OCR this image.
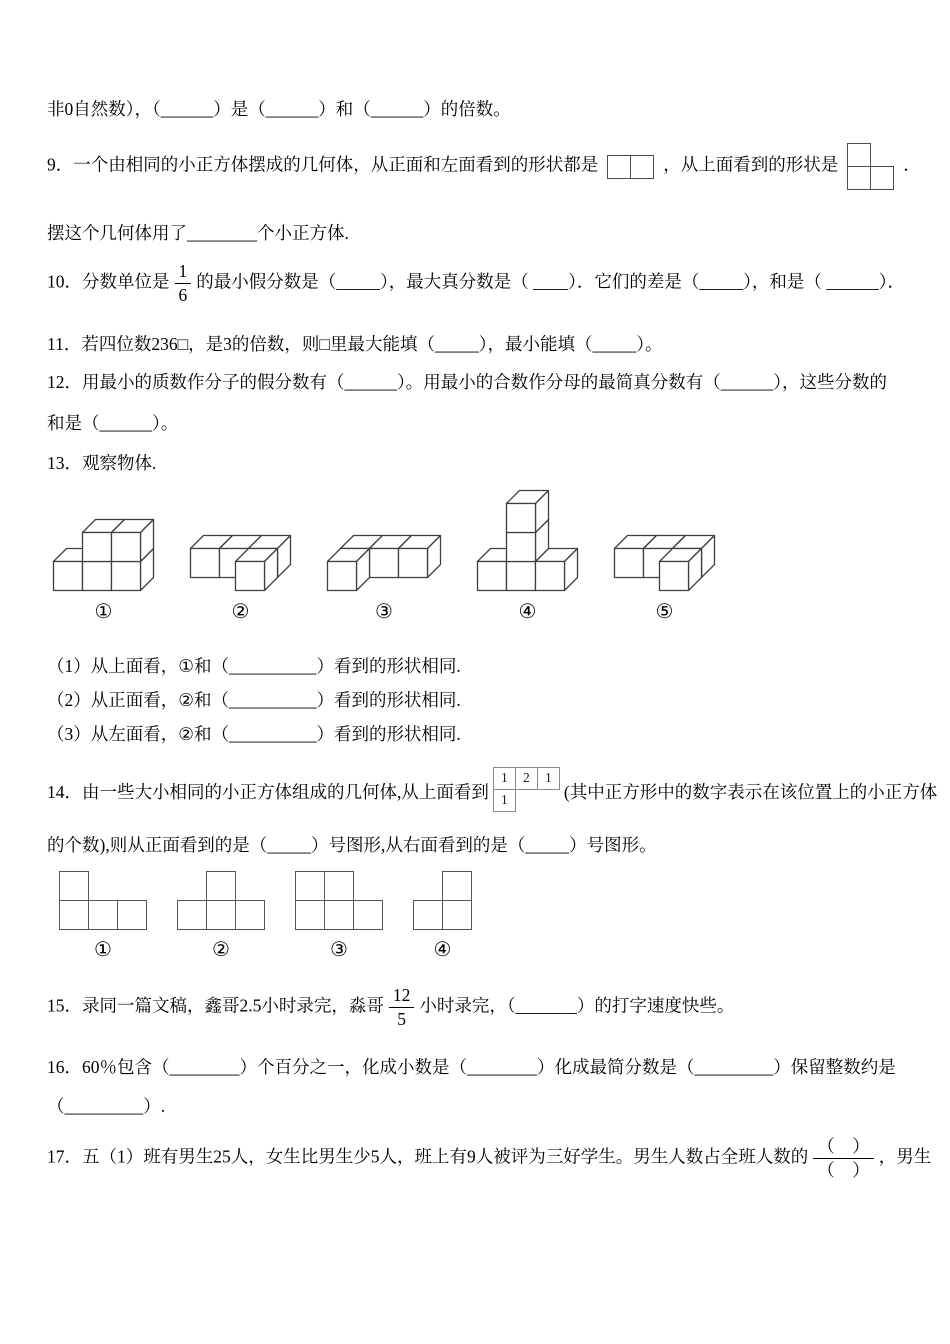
非0自然数），（______）是（______）和（______）的倍数。

9．一个由相同的小正方体摆成的几何体，从正面和左面看到的形状都是	，从上面看到的形状是	．

摆这个几何体用了________个小正方体.

10．分数单位是 $\frac{1}{6}$ 的最小假分数是（_____），最大真分数是（ ____）．它们的差是（_____），和是（ ______）．

11．若四位数236□，是3的倍数，则□里最大能填（_____），最小能填（_____）。

12．用最小的质数作分子的假分数有（______）。用最小的合数作分母的最简真分数有（______），这些分数的

和是（______）。

13．观察物体.

①	②	③	④	⑤

（1）从上面看，①和（__________）看到的形状相同.

（2）从正面看，②和（__________）看到的形状相同.

（3）从左面看，②和（__________）看到的形状相同.

14．由一些大小相同的小正方体组成的几何体,从上面看到
1	2	1
1	(其中正方形中的数字表示在该位置上的小正方体

的个数),则从正面看到的是（_____）号图形,从右面看到的是（_____）号图形。

①	②	③	④

15．录同一篇文稿，鑫哥2.5小时录完，淼哥 $\frac{12}{5}$ 小时录完，（_______）的打字速度快些。

16．60％包含（________）个百分之一，化成小数是（________）化成最简分数是（_________）保留整数约是

（_________）.

17．五（1）班有男生25人，女生比男生少5人，班上有9人被评为三好学生。男生人数占全班人数的 $\frac{( )}{( )}$ ，男生
